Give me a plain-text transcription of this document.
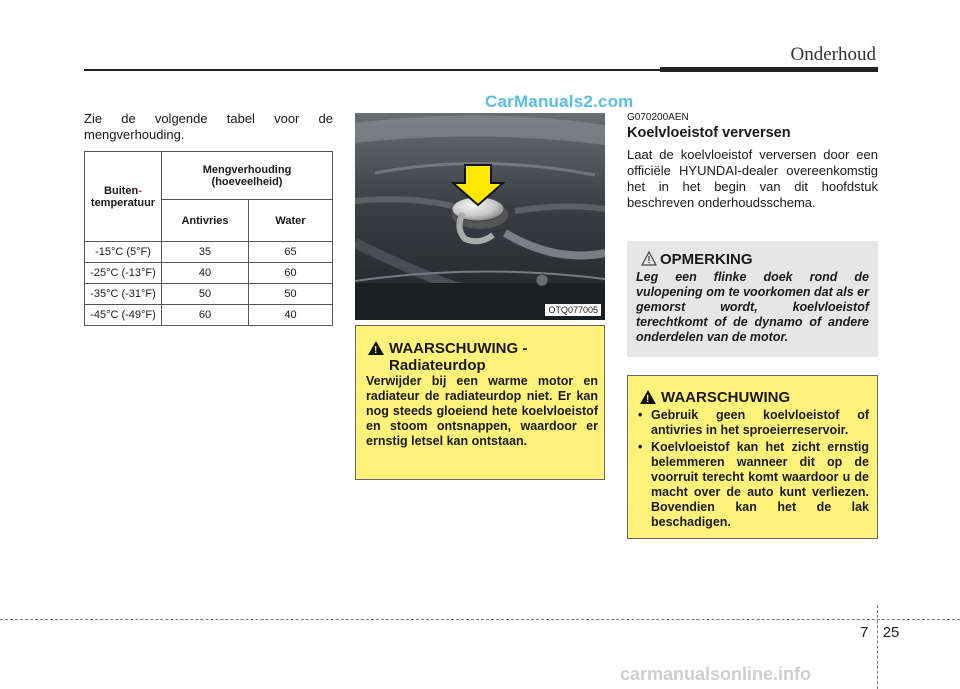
Onderhoud
CarManuals2.com
Zie de volgende tabel voor de mengverhouding.
Buiten-
temperatuur	Mengverhouding
(hoeveelheid)	
	Antivries	Water
-15°C (5°F)	35	65
-25°C (-13°F)	40	60
-35°C (-31°F)	50	50
-45°C (-49°F)	60	40	OTQ077005
! WAARSCHUWING -
Radiateurdop
Verwijder bij een warme motor en radiateur de radiateurdop niet. Er kan nog steeds gloeiend hete koelvloeistof en stoom ontsnappen, waardoor er ernstig letsel kan ontstaan.
G070200AEN
Koelvloeistof verversen
Laat de koelvloeistof verversen door een officiële HYUNDAI-dealer overeenkomstig het in het begin van dit hoofdstuk beschreven onderhoudsschema.
OPMERKING
Leg een flinke doek rond de vulopening om te voorkomen dat als er gemorst wordt, koelvloeistof terechtkomt of de dynamo of andere onderdelen van de motor.
! WAARSCHUWING
• Gebruik geen koelvloeistof of antivries in het sproeierreservoir.
• Koelvloeistof kan het zicht ernstig belemmeren wanneer dit op de voorruit terecht komt waardoor u de macht over de auto kunt verliezen. Bovendien kan het de lak beschadigen.
7 25
carmanualsonline.info
